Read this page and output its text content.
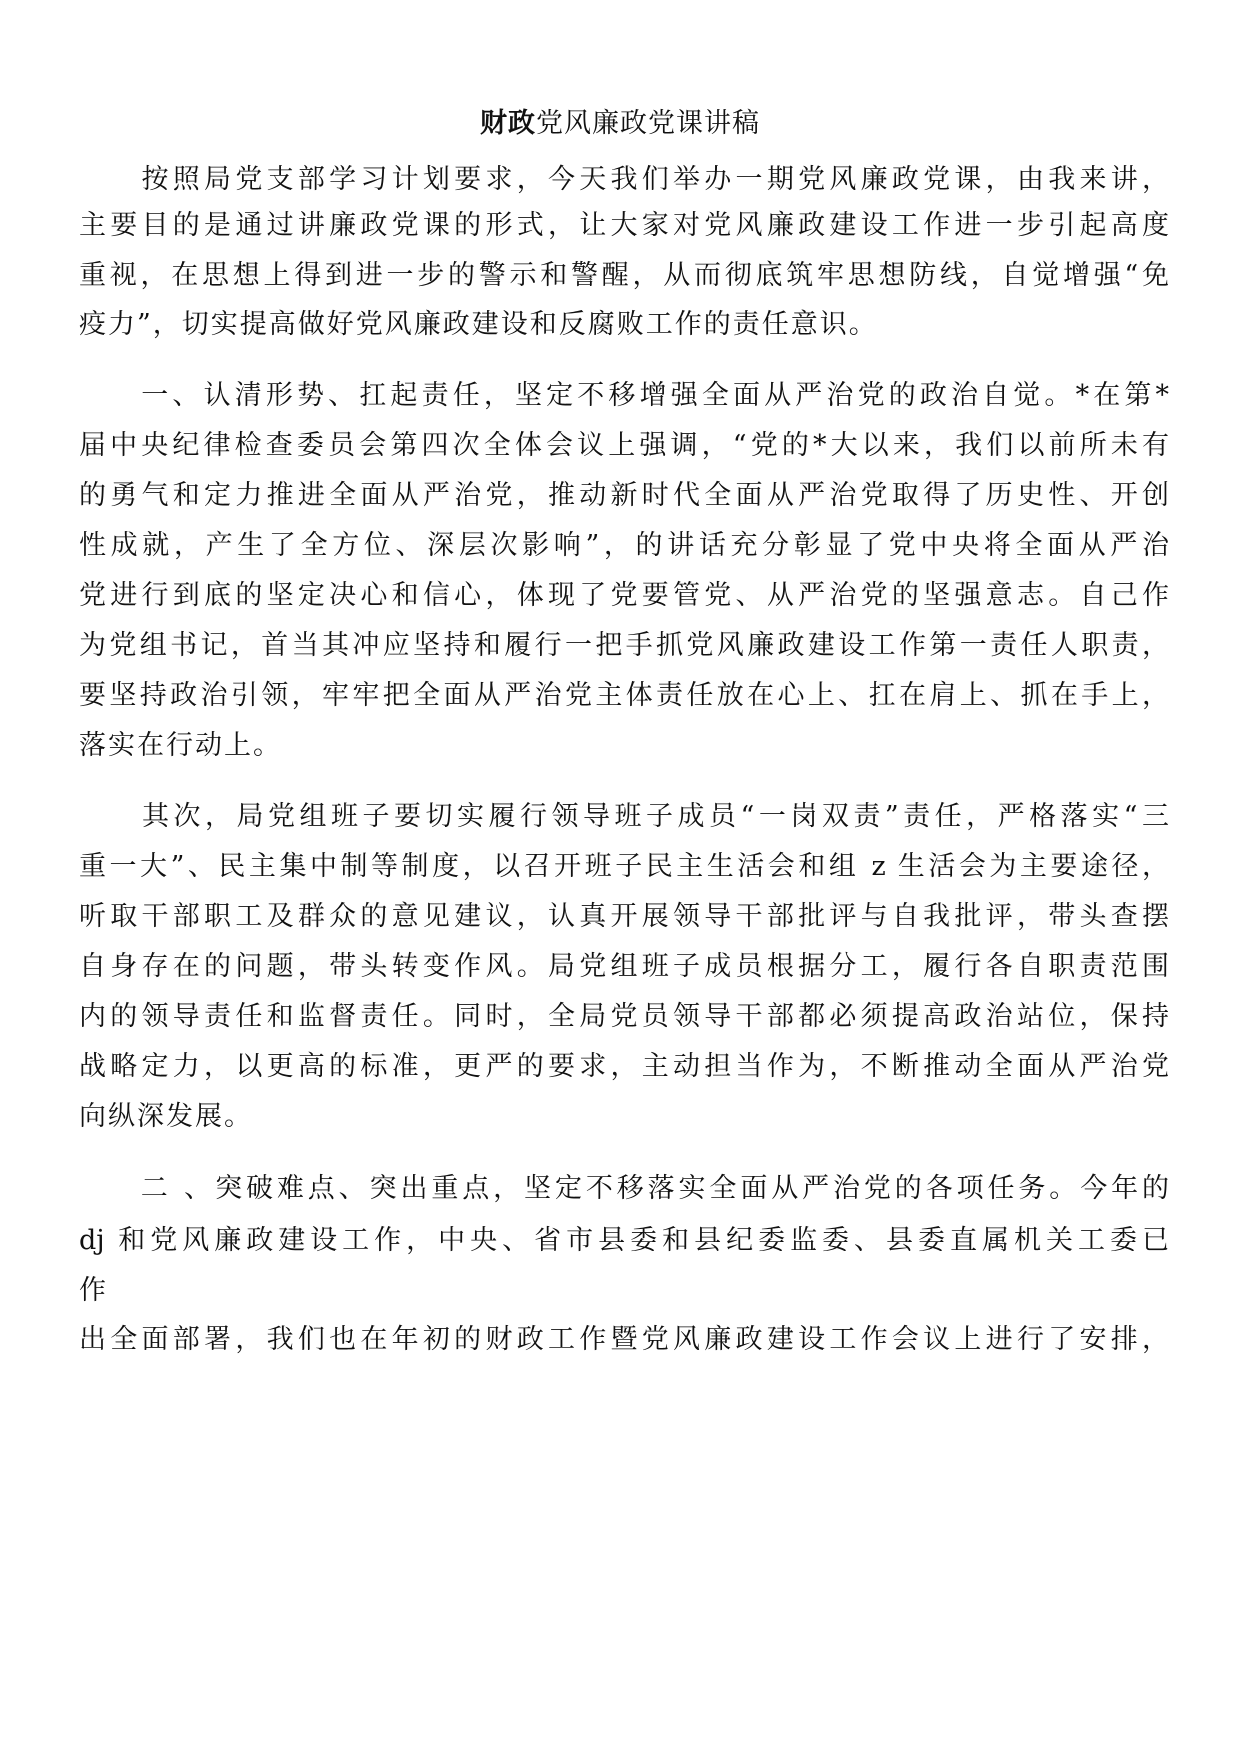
财政党风廉政党课讲稿
　　按照局党支部学习计划要求，今天我们举办一期党风廉政党课，由我来讲，
主要目的是通过讲廉政党课的形式，让大家对党风廉政建设工作进一步引起高度
重视，在思想上得到进一步的警示和警醒，从而彻底筑牢思想防线，自觉增强“免
疫力”，切实提高做好党风廉政建设和反腐败工作的责任意识。
　　一、认清形势、扛起责任，坚定不移增强全面从严治党的政治自觉。*在第*
届中央纪律检查委员会第四次全体会议上强调，“党的*大以来，我们以前所未有
的勇气和定力推进全面从严治党，推动新时代全面从严治党取得了历史性、开创
性成就，产生了全方位、深层次影响”，的讲话充分彰显了党中央将全面从严治
党进行到底的坚定决心和信心，体现了党要管党、从严治党的坚强意志。自己作
为党组书记，首当其冲应坚持和履行一把手抓党风廉政建设工作第一责任人职责，
要坚持政治引领，牢牢把全面从严治党主体责任放在心上、扛在肩上、抓在手上，
落实在行动上。
　　其次，局党组班子要切实履行领导班子成员“一岗双责”责任，严格落实“三
重一大”、民主集中制等制度，以召开班子民主生活会和组 z 生活会为主要途径，
听取干部职工及群众的意见建议，认真开展领导干部批评与自我批评，带头查摆
自身存在的问题，带头转变作风。局党组班子成员根据分工，履行各自职责范围
内的领导责任和监督责任。同时，全局党员领导干部都必须提高政治站位，保持
战略定力，以更高的标准，更严的要求，主动担当作为，不断推动全面从严治党
向纵深发展。
　　二 、突破难点、突出重点，坚定不移落实全面从严治党的各项任务。今年的
dj 和党风廉政建设工作，中央、省市县委和县纪委监委、县委直属机关工委已
作
出全面部署，我们也在年初的财政工作暨党风廉政建设工作会议上进行了安排，
